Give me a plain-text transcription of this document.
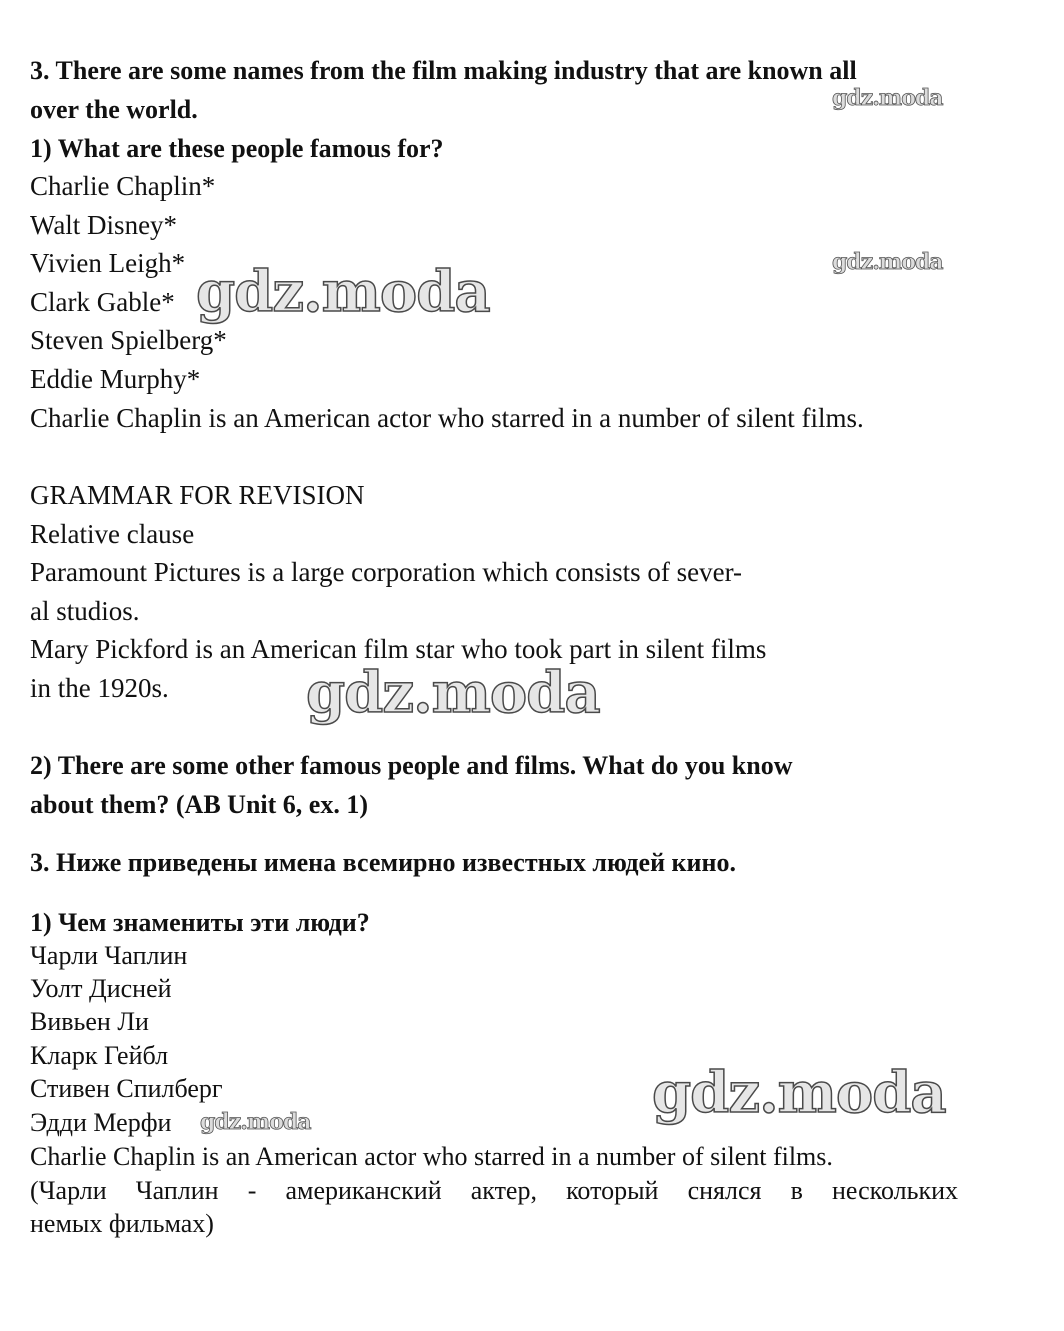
3. There are some names from the film making industry that are known all
over the world.
1) What are these people famous for?
Charlie Chaplin*
Walt Disney*
Vivien Leigh*
Clark Gable*
Steven Spielberg*
Eddie Murphy*
Charlie Chaplin is an American actor who starred in a number of silent films.
GRAMMAR FOR REVISION
Relative clause
Paramount Pictures is a large corporation which consists of sever-
al studios.
Mary Pickford is an American film star who took part in silent films
in the 1920s.
2) There are some other famous people and films. What do you know
about them? (AB Unit 6, ex. 1)
3. Ниже приведены имена всемирно известных людей кино.
1) Чем знамениты эти люди?
Чарли Чаплин
Уолт Дисней
Вивьен Ли
Кларк Гейбл
Стивен Спилберг
Эдди Мерфи
Charlie Chaplin is an American actor who starred in a number of silent films.
(Чарли Чаплин - американский актер, который снялся в нескольких
немых фильмах)
gdz.moda
gdz.moda
gdz.moda
gdz.moda
gdz.moda
gdz.moda
